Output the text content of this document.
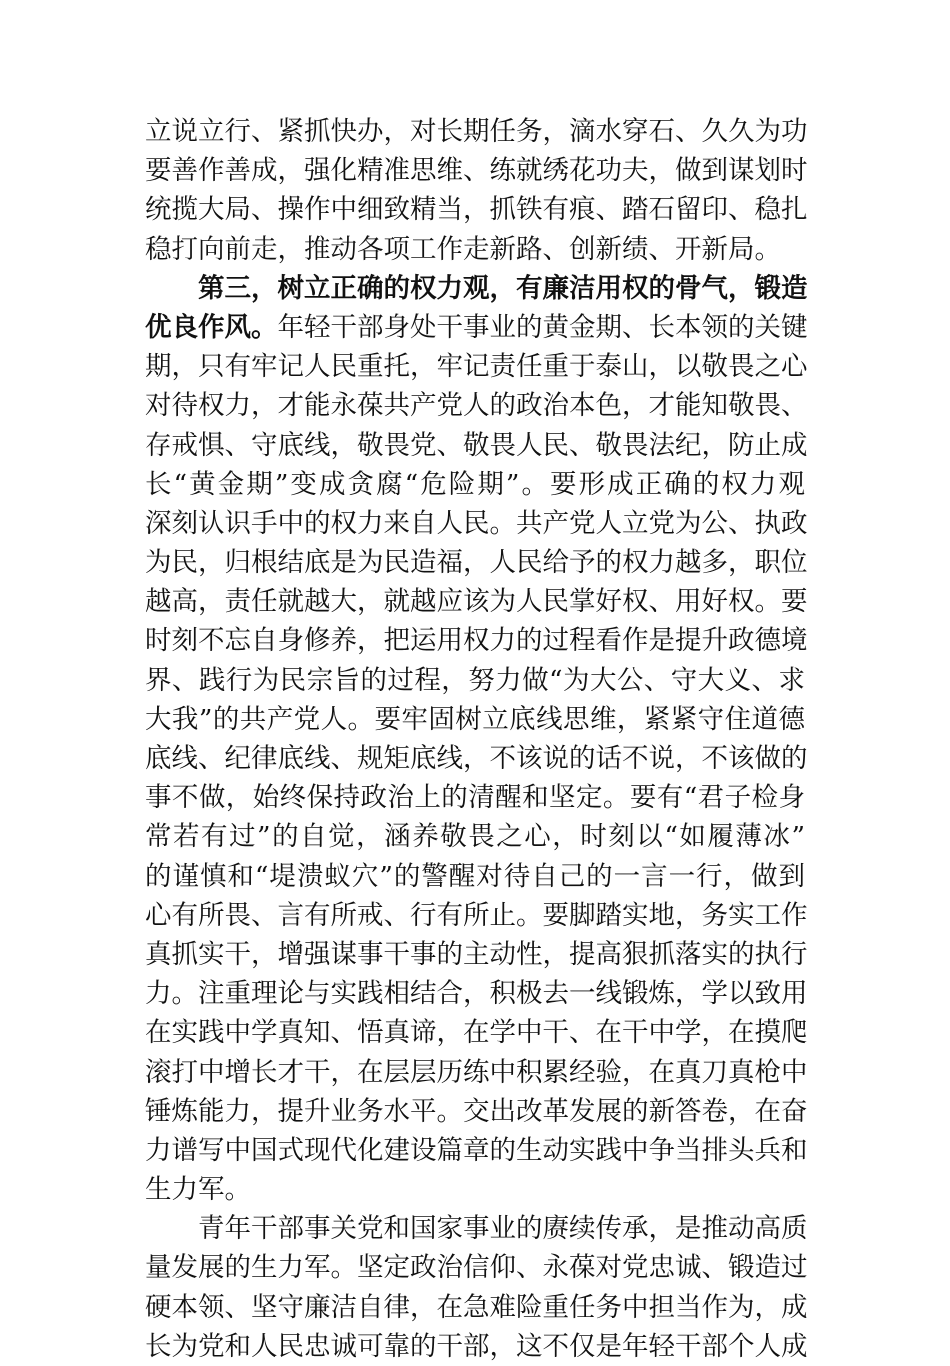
立说立行、紧抓快办，对长期任务，滴水穿石、久久为功
要善作善成，强化精准思维、练就绣花功夫，做到谋划时
统揽大局、操作中细致精当，抓铁有痕、踏石留印、稳扎
稳打向前走，推动各项工作走新路、创新绩、开新局。
第三，树立正确的权力观，有廉洁用权的骨气，锻造
优良作风。年轻干部身处干事业的黄金期、长本领的关键
期，只有牢记人民重托，牢记责任重于泰山，以敬畏之心
对待权力，才能永葆共产党人的政治本色，才能知敬畏、
存戒惧、守底线，敬畏党、敬畏人民、敬畏法纪，防止成
长“黄金期”变成贪腐“危险期”。要形成正确的权力观
深刻认识手中的权力来自人民。共产党人立党为公、执政
为民，归根结底是为民造福，人民给予的权力越多，职位
越高，责任就越大，就越应该为人民掌好权、用好权。要
时刻不忘自身修养，把运用权力的过程看作是提升政德境
界、践行为民宗旨的过程，努力做“为大公、守大义、求
大我”的共产党人。要牢固树立底线思维，紧紧守住道德
底线、纪律底线、规矩底线，不该说的话不说，不该做的
事不做，始终保持政治上的清醒和坚定。要有“君子检身
常若有过”的自觉，涵养敬畏之心，时刻以“如履薄冰”
的谨慎和“堤溃蚁穴”的警醒对待自己的一言一行，做到
心有所畏、言有所戒、行有所止。要脚踏实地，务实工作
真抓实干，增强谋事干事的主动性，提高狠抓落实的执行
力。注重理论与实践相结合，积极去一线锻炼，学以致用
在实践中学真知、悟真谛，在学中干、在干中学，在摸爬
滚打中增长才干，在层层历练中积累经验，在真刀真枪中
锤炼能力，提升业务水平。交出改革发展的新答卷，在奋
力谱写中国式现代化建设篇章的生动实践中争当排头兵和
生力军。
青年干部事关党和国家事业的赓续传承，是推动高质
量发展的生力军。坚定政治信仰、永葆对党忠诚、锻造过
硬本领、坚守廉洁自律，在急难险重任务中担当作为，成
长为党和人民忠诚可靠的干部，这不仅是年轻干部个人成
